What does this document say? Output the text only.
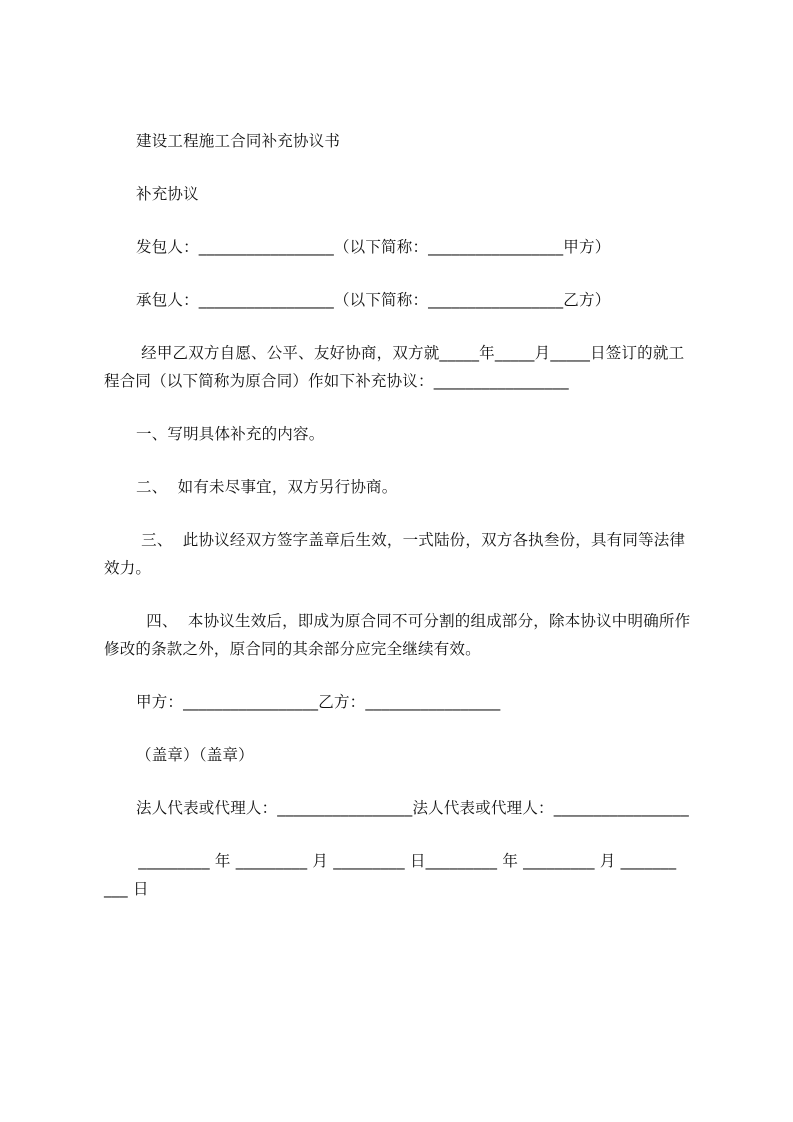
建设工程施工合同补充协议书
补充协议
发包人：_________________（以下简称：_________________甲方）
承包人：_________________（以下简称：_________________乙方）
经甲乙双方自愿、公平、友好协商，双方就_____年_____月_____日签订的就工
程合同（以下简称为原合同）作如下补充协议：_________________
一、写明具体补充的内容。
二、  如有未尽事宜，双方另行协商。
三、  此协议经双方签字盖章后生效，一式陆份，双方各执叁份，具有同等法律
效力。
四、  本协议生效后，即成为原合同不可分割的组成部分，除本协议中明确所作
修改的条款之外，原合同的其余部分应完全继续有效。
甲方：_________________乙方：_________________
（盖章）（盖章）
法人代表或代理人：_________________法人代表或代理人：_________________
_________ 年 _________ 月 _________ 日_________ 年 _________ 月 _______
___ 日
